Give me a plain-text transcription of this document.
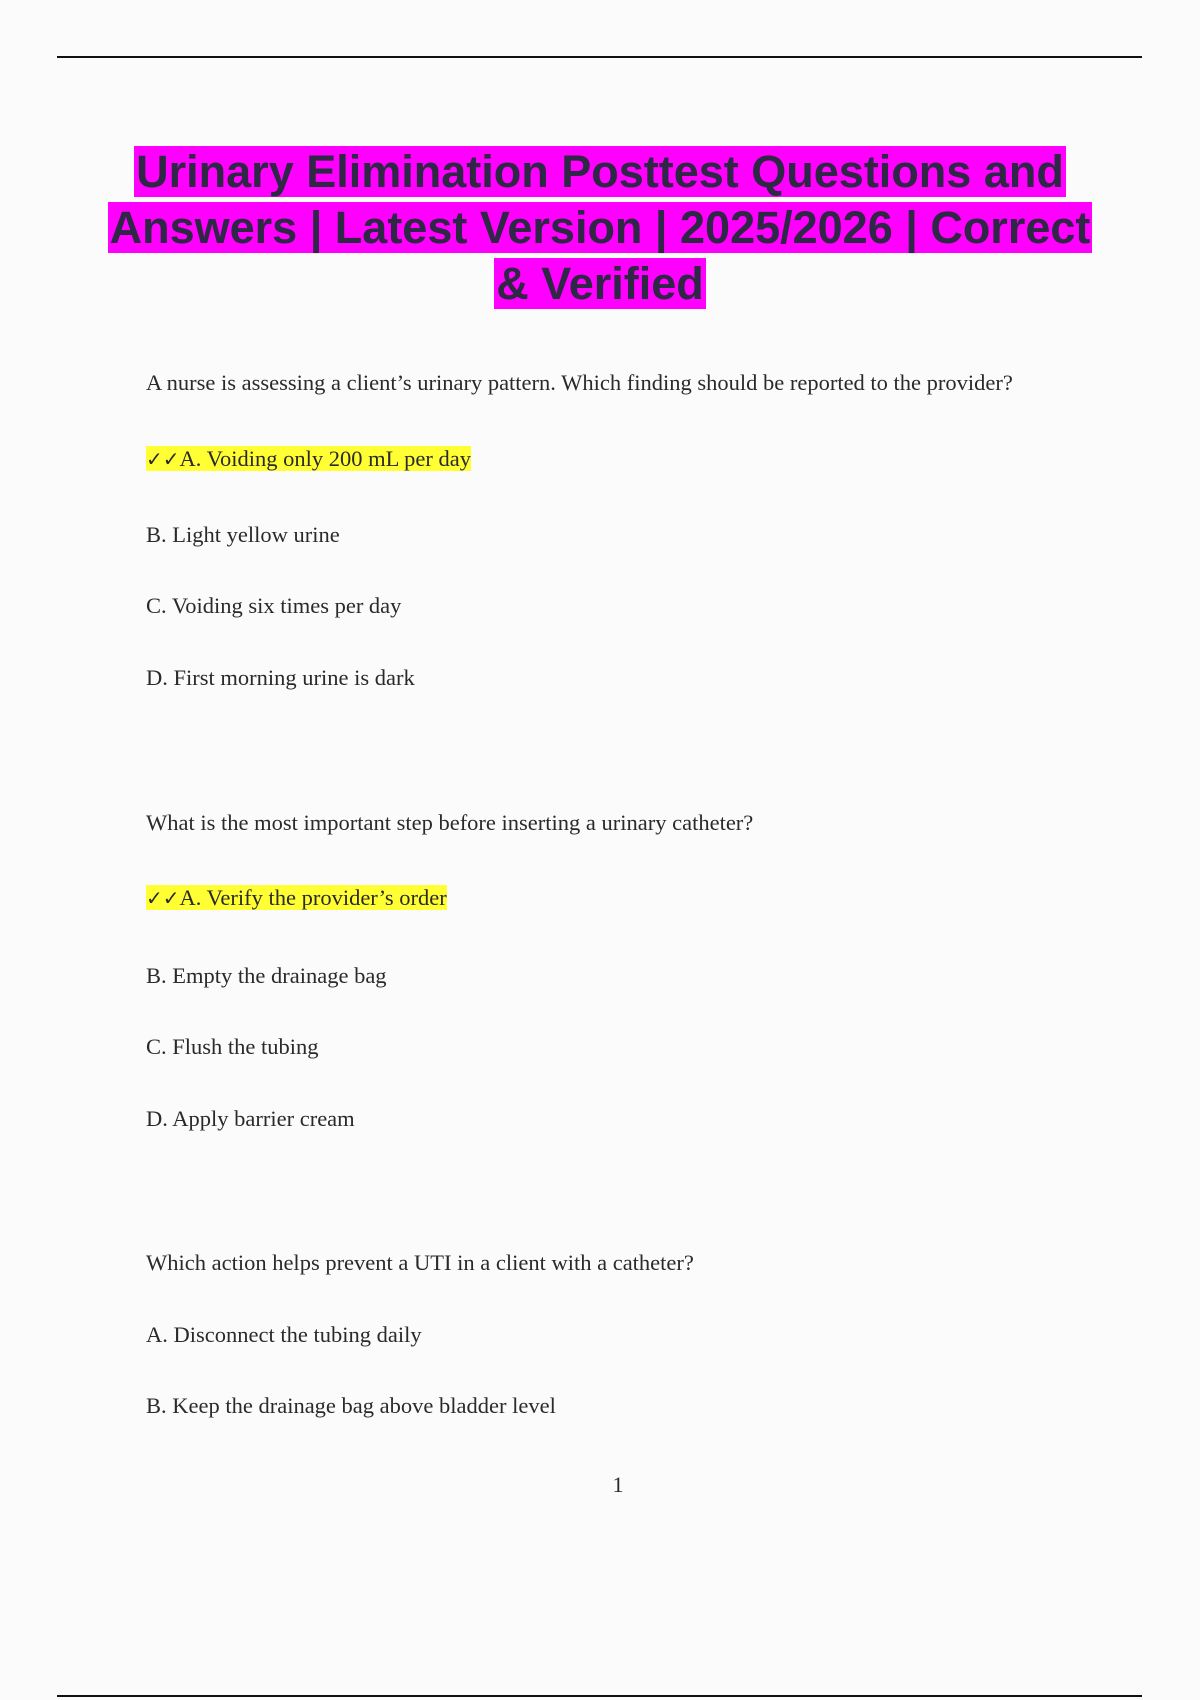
Urinary Elimination Posttest Questions and Answers | Latest Version | 2025/2026 | Correct & Verified
A nurse is assessing a client’s urinary pattern. Which finding should be reported to the provider?
✓✓A. Voiding only 200 mL per day
B. Light yellow urine
C. Voiding six times per day
D. First morning urine is dark
What is the most important step before inserting a urinary catheter?
✓✓A. Verify the provider’s order
B. Empty the drainage bag
C. Flush the tubing
D. Apply barrier cream
Which action helps prevent a UTI in a client with a catheter?
A. Disconnect the tubing daily
B. Keep the drainage bag above bladder level
1
